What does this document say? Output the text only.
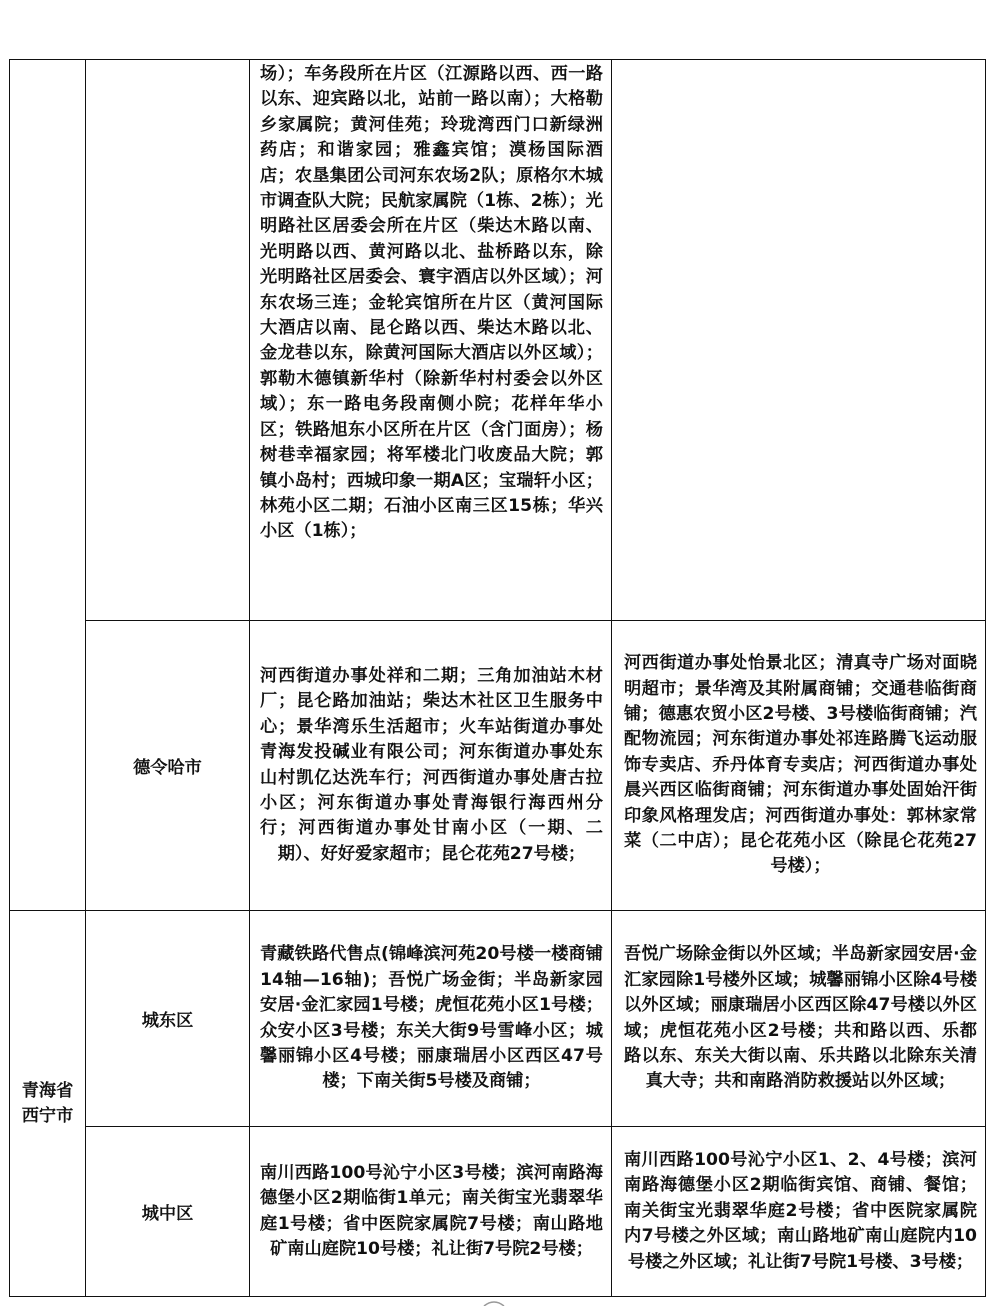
		场）；车务段所在片区（江源路以西、西一路以东、迎宾路以北，站前一路以南）；大格勒乡家属院；黄河佳苑；玲珑湾西门口新绿洲药店；和谐家园；雅鑫宾馆；漠杨国际酒店；农垦集团公司河东农场2队；原格尔木城市调查队大院；民航家属院（1栋、2栋）；光明路社区居委会所在片区（柴达木路以南、光明路以西、黄河路以北、盐桥路以东，除光明路社区居委会、寰宇酒店以外区域）；河东农场三连；金轮宾馆所在片区（黄河国际大酒店以南、昆仑路以西、柴达木路以北、金龙巷以东，除黄河国际大酒店以外区域）；郭勒木德镇新华村（除新华村村委会以外区域）；东一路电务段南侧小院；花样年华小区；铁路旭东小区所在片区（含门面房）；杨树巷幸福家园；将军楼北门收废品大院；郭镇小岛村；西城印象一期A区；宝瑞轩小区；林苑小区二期；石油小区南三区15栋；华兴小区（1栋）；	

	德令哈市	河西街道办事处祥和二期；三角加油站木材厂；昆仑路加油站；柴达木社区卫生服务中心；景华湾乐生活超市；火车站街道办事处青海发投碱业有限公司；河东街道办事处东山村凯亿达洗车行；河西街道办事处唐古拉小区；河东街道办事处青海银行海西州分行；河西街道办事处甘南小区（一期、二期）、好好爱家超市；昆仑花苑27号楼；	河西街道办事处怡景北区；清真寺广场对面晓明超市；景华湾及其附属商铺；交通巷临街商铺；德惠农贸小区2号楼、3号楼临街商铺；汽配物流园；河东街道办事处祁连路腾飞运动服饰专卖店、乔丹体育专卖店；河西街道办事处晨兴西区临街商铺；河东街道办事处固始汗街印象风格理发店；河西街道办事处：郭林家常菜（二中店）；昆仑花苑小区（除昆仑花苑27号楼）；

青海省西宁市	城东区	青藏铁路代售点(锦峰滨河苑20号楼一楼商铺14轴—16轴)；吾悦广场金街；半岛新家园安居·金汇家园1号楼；虎恒花苑小区1号楼；众安小区3号楼；东关大街9号雪峰小区；城馨丽锦小区4号楼；丽康瑞居小区西区47号楼；下南关街5号楼及商铺；	吾悦广场除金街以外区域；半岛新家园安居·金汇家园除1号楼外区域；城馨丽锦小区除4号楼以外区域；丽康瑞居小区西区除47号楼以外区域；虎恒花苑小区2号楼；共和路以西、乐都路以东、东关大街以南、乐共路以北除东关清真大寺；共和南路消防救援站以外区域；

	城中区	南川西路100号沁宁小区3号楼；滨河南路海德堡小区2期临街1单元；南关街宝光翡翠华庭1号楼；省中医院家属院7号楼；南山路地矿南山庭院10号楼；礼让街7号院2号楼；	南川西路100号沁宁小区1、2、4号楼；滨河南路海德堡小区2期临街宾馆、商铺、餐馆；南关街宝光翡翠华庭2号楼；省中医院家属院内7号楼之外区域；南山路地矿南山庭院内10号楼之外区域；礼让街7号院1号楼、3号楼；
